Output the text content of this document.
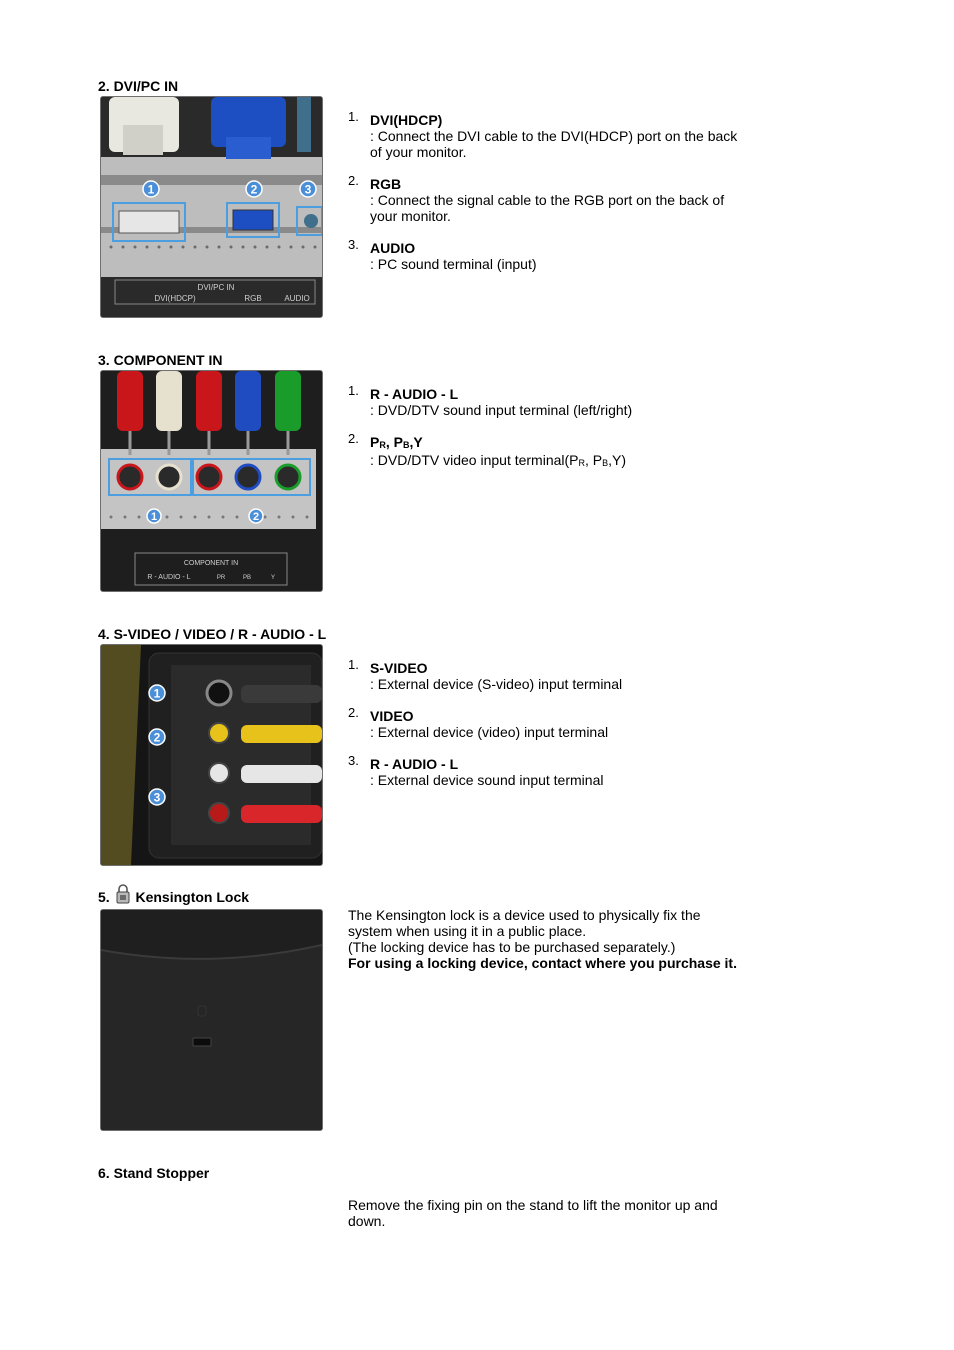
2. DVI/PC IN
1	2	3
DVI/PC IN
DVI(HDCP)	RGB	AUDIO
1. DVI(HDCP)
: Connect the DVI cable to the DVI(HDCP) port on the back of your monitor.
2. RGB
: Connect the signal cable to the RGB port on the back of your monitor.
3. AUDIO
: PC sound terminal (input)
3. COMPONENT IN
1	2
COMPONENT IN
R - AUDIO - L	PR	PB	Y
1. R - AUDIO - L
: DVD/DTV sound input terminal (left/right)
2. $P_R$, $P_B,Y$
: DVD/DTV video input $terminal(P_R$, $P_B,Y$)
4. S-VIDEO / VIDEO / R - AUDIO - L
1
2
3
1. S-VIDEO
: External device (S-video) input terminal
2. VIDEO
: External device (video) input terminal
3. R - AUDIO - L
: External device sound input terminal
5. Kensington Lock
The Kensington lock is a device used to physically fix the system when using it in a public place.
(The locking device has to be purchased separately.)
For using a locking device, contact where you purchase it.
6. Stand Stopper
Remove the fixing pin on the stand to lift the monitor up and down.
